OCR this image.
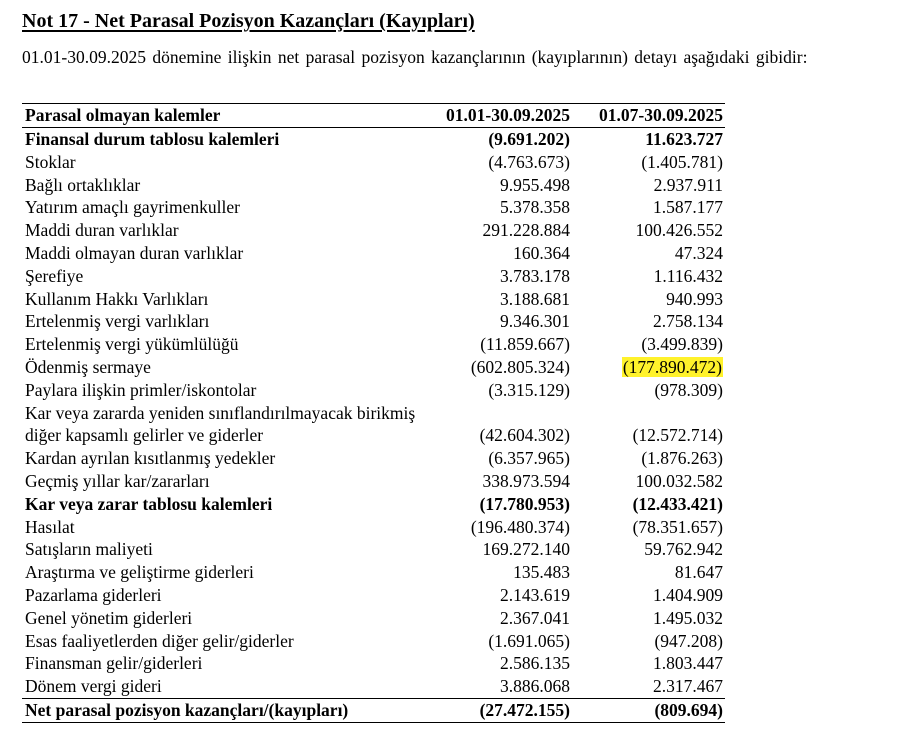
Not 17 - Net Parasal Pozisyon Kazançları (Kayıpları)
01.01-30.09.2025 dönemine ilişkin net parasal pozisyon kazançlarının (kayıplarının) detayı aşağıdaki gibidir:
Parasal olmayan kalemler	01.01-30.09.2025	01.07-30.09.2025
Finansal durum tablosu kalemleri	(9.691.202)	11.623.727
Stoklar	(4.763.673)	(1.405.781)
Bağlı ortaklıklar	9.955.498	2.937.911
Yatırım amaçlı gayrimenkuller	5.378.358	1.587.177
Maddi duran varlıklar	291.228.884	100.426.552
Maddi olmayan duran varlıklar	160.364	47.324
Şerefiye	3.783.178	1.116.432
Kullanım Hakkı Varlıkları	3.188.681	940.993
Ertelenmiş vergi varlıkları	9.346.301	2.758.134
Ertelenmiş vergi yükümlülüğü	(11.859.667)	(3.499.839)
Ödenmiş sermaye	(602.805.324)	(177.890.472)
Paylara ilişkin primler/iskontolar	(3.315.129)	(978.309)
Kar veya zararda yeniden sınıflandırılmayacak birikmiş diğer kapsamlı gelirler ve giderler	(42.604.302)	(12.572.714)
Kardan ayrılan kısıtlanmış yedekler	(6.357.965)	(1.876.263)
Geçmiş yıllar kar/zararları	338.973.594	100.032.582
Kar veya zarar tablosu kalemleri	(17.780.953)	(12.433.421)
Hasılat	(196.480.374)	(78.351.657)
Satışların maliyeti	169.272.140	59.762.942
Araştırma ve geliştirme giderleri	135.483	81.647
Pazarlama giderleri	2.143.619	1.404.909
Genel yönetim giderleri	2.367.041	1.495.032
Esas faaliyetlerden diğer gelir/giderler	(1.691.065)	(947.208)
Finansman gelir/giderleri	2.586.135	1.803.447
Dönem vergi gideri	3.886.068	2.317.467
Net parasal pozisyon kazançları/(kayıpları)	(27.472.155)	(809.694)
